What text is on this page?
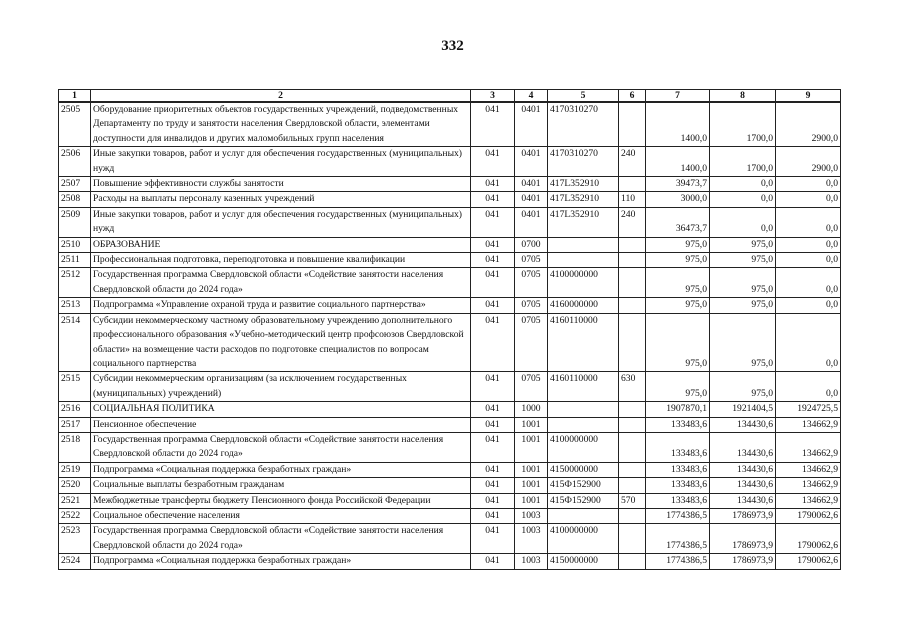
332
1	2	3	4	5	6	7	8	9
2505	Оборудование приоритетных объектов государственных учреждений, подведомственных Департаменту по труду и занятости населения Свердловской области, элементами доступности для инвалидов и других маломобильных групп населения	041	0401	4170310270		1400,0	1700,0	2900,0
2506	Иные закупки товаров, работ и услуг для обеспечения государственных (муниципальных) нужд	041	0401	4170310270	240	1400,0	1700,0	2900,0
2507	Повышение эффективности службы занятости	041	0401	417L352910		39473,7	0,0	0,0
2508	Расходы на выплаты персоналу казенных учреждений	041	0401	417L352910	110	3000,0	0,0	0,0
2509	Иные закупки товаров, работ и услуг для обеспечения государственных (муниципальных) нужд	041	0401	417L352910	240	36473,7	0,0	0,0
2510	ОБРАЗОВАНИЕ	041	0700			975,0	975,0	0,0
2511	Профессиональная подготовка, переподготовка и повышение квалификации	041	0705			975,0	975,0	0,0
2512	Государственная программа Свердловской области «Содействие занятости населения Свердловской области до 2024 года»	041	0705	4100000000		975,0	975,0	0,0
2513	Подпрограмма «Управление охраной труда и развитие социального партнерства»	041	0705	4160000000		975,0	975,0	0,0
2514	Субсидии некоммерческому частному образовательному учреждению дополнительного профессионального образования «Учебно-методический центр профсоюзов Свердловской области» на возмещение части расходов по подготовке специалистов по вопросам социального партнерства	041	0705	4160110000		975,0	975,0	0,0
2515	Субсидии некоммерческим организациям (за исключением государственных (муниципальных) учреждений)	041	0705	4160110000	630	975,0	975,0	0,0
2516	СОЦИАЛЬНАЯ ПОЛИТИКА	041	1000			1907870,1	1921404,5	1924725,5
2517	Пенсионное обеспечение	041	1001			133483,6	134430,6	134662,9
2518	Государственная программа Свердловской области «Содействие занятости населения Свердловской области до 2024 года»	041	1001	4100000000		133483,6	134430,6	134662,9
2519	Подпрограмма «Социальная поддержка безработных граждан»	041	1001	4150000000		133483,6	134430,6	134662,9
2520	Социальные выплаты безработным гражданам	041	1001	415Ф152900		133483,6	134430,6	134662,9
2521	Межбюджетные трансферты бюджету Пенсионного фонда Российской Федерации	041	1001	415Ф152900	570	133483,6	134430,6	134662,9
2522	Социальное обеспечение населения	041	1003			1774386,5	1786973,9	1790062,6
2523	Государственная программа Свердловской области «Содействие занятости населения Свердловской области до 2024 года»	041	1003	4100000000		1774386,5	1786973,9	1790062,6
2524	Подпрограмма «Социальная поддержка безработных граждан»	041	1003	4150000000		1774386,5	1786973,9	1790062,6
